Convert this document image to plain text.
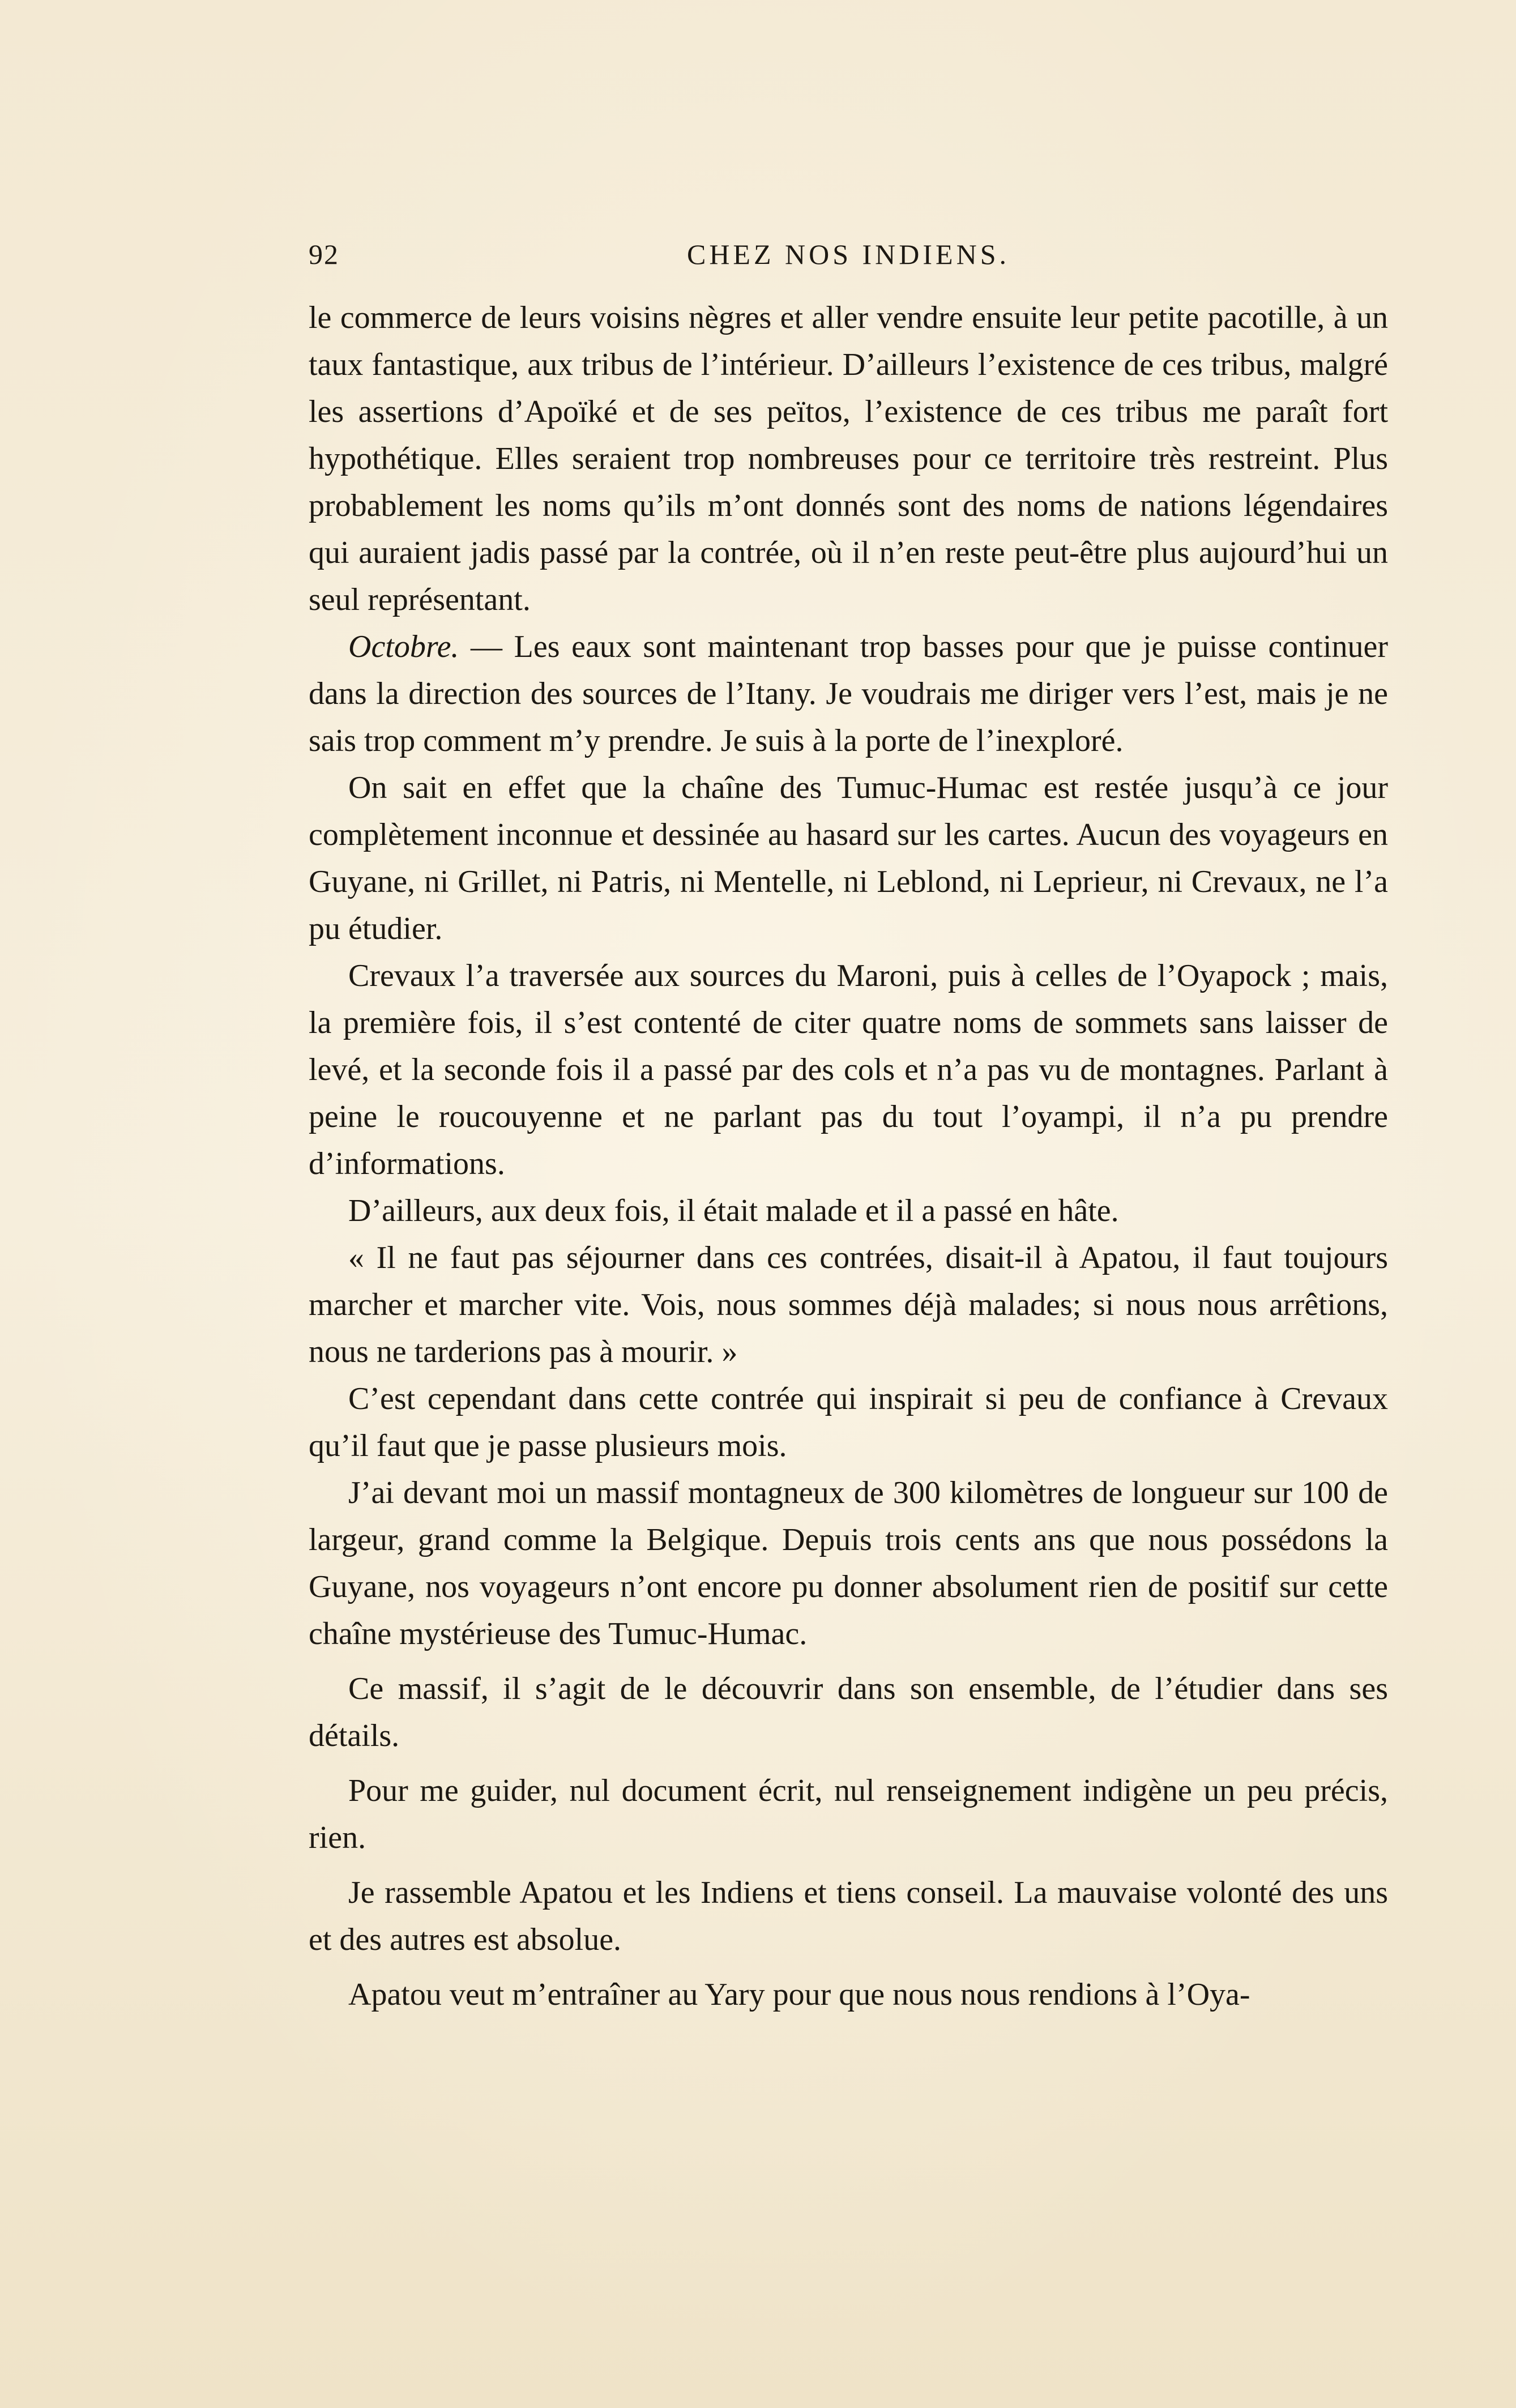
92	CHEZ NOS INDIENS.

le commerce de leurs voisins nègres et aller vendre ensuite leur petite pacotille, à un taux fantastique, aux tribus de l’intérieur. D’ailleurs l’existence de ces tribus, malgré les assertions d’Apoïké et de ses peïtos, l’existence de ces tribus me paraît fort hypothétique. Elles seraient trop nombreuses pour ce territoire très restreint. Plus probablement les noms qu’ils m’ont donnés sont des noms de nations légendaires qui auraient jadis passé par la contrée, où il n’en reste peut-être plus aujourd’hui un seul représentant.

Octobre. — Les eaux sont maintenant trop basses pour que je puisse continuer dans la direction des sources de l’Itany. Je voudrais me diriger vers l’est, mais je ne sais trop comment m’y prendre. Je suis à la porte de l’inexploré.

On sait en effet que la chaîne des Tumuc-Humac est restée jusqu’à ce jour complètement inconnue et dessinée au hasard sur les cartes. Aucun des voyageurs en Guyane, ni Grillet, ni Patris, ni Mentelle, ni Leblond, ni Leprieur, ni Crevaux, ne l’a pu étudier.

Crevaux l’a traversée aux sources du Maroni, puis à celles de l’Oyapock ; mais, la première fois, il s’est contenté de citer quatre noms de sommets sans laisser de levé, et la seconde fois il a passé par des cols et n’a pas vu de montagnes. Parlant à peine le roucouyenne et ne parlant pas du tout l’oyampi, il n’a pu prendre d’informations.

D’ailleurs, aux deux fois, il était malade et il a passé en hâte.

« Il ne faut pas séjourner dans ces contrées, disait-il à Apatou, il faut toujours marcher et marcher vite. Vois, nous sommes déjà malades; si nous nous arrêtions, nous ne tarderions pas à mourir. »

C’est cependant dans cette contrée qui inspirait si peu de confiance à Crevaux qu’il faut que je passe plusieurs mois.

J’ai devant moi un massif montagneux de 300 kilomètres de longueur sur 100 de largeur, grand comme la Belgique. Depuis trois cents ans que nous possédons la Guyane, nos voyageurs n’ont encore pu donner absolument rien de positif sur cette chaîne mystérieuse des Tumuc-Humac.

Ce massif, il s’agit de le découvrir dans son ensemble, de l’étudier dans ses détails.

Pour me guider, nul document écrit, nul renseignement indigène un peu précis, rien.

Je rassemble Apatou et les Indiens et tiens conseil. La mauvaise volonté des uns et des autres est absolue.

Apatou veut m’entraîner au Yary pour que nous nous rendions à l’Oya-
